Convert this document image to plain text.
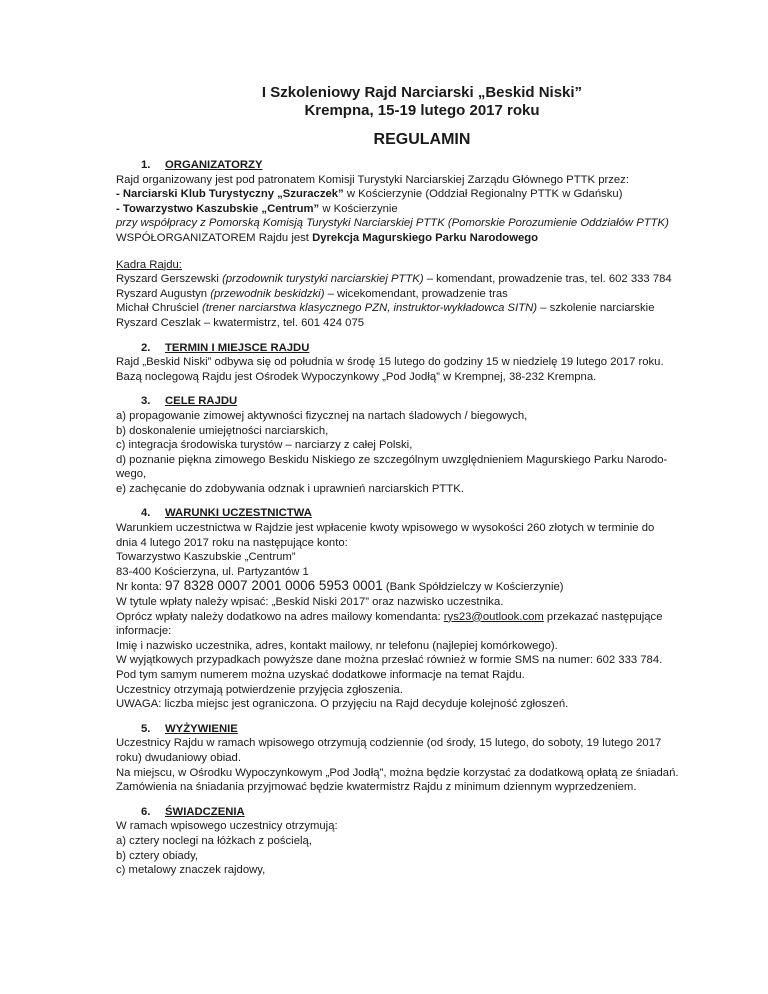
I Szkoleniowy Rajd Narciarski „Beskid Niski”
Krempna, 15-19 lutego 2017 roku
REGULAMIN
1. ORGANIZATORZY
Rajd organizowany jest pod patronatem Komisji Turystyki Narciarskiej Zarządu Głównego PTTK przez:
- Narciarski Klub Turystyczny „Szuraczek” w Kościerzynie (Oddział Regionalny PTTK w Gdańsku)
- Towarzystwo Kaszubskie „Centrum” w Kościerzynie
przy współpracy z Pomorską Komisją Turystyki Narciarskiej PTTK (Pomorskie Porozumienie Oddziałów PTTK)
WSPÓŁORGANIZATOREM Rajdu jest Dyrekcja Magurskiego Parku Narodowego
Kadra Rajdu:
Ryszard Gerszewski (przodownik turystyki narciarskiej PTTK) – komendant, prowadzenie tras, tel. 602 333 784
Ryszard Augustyn (przewodnik beskidzki) – wicekomendant, prowadzenie tras
Michał Chruściel (trener narciarstwa klasycznego PZN, instruktor-wykładowca SITN) – szkolenie narciarskie
Ryszard Ceszlak – kwatermistrz, tel. 601 424 075
2. TERMIN I MIEJSCE RAJDU
Rajd „Beskid Niski” odbywa się od południa w środę 15 lutego do godziny 15 w niedzielę 19 lutego 2017 roku.
Bazą noclegową Rajdu jest Ośrodek Wypoczynkowy „Pod Jodłą” w Krempnej, 38-232 Krempna.
3. CELE RAJDU
a) propagowanie zimowej aktywności fizycznej na nartach śladowych / biegowych,
b) doskonalenie umiejętności narciarskich,
c) integracja środowiska turystów – narciarzy z całej Polski,
d) poznanie piękna zimowego Beskidu Niskiego ze szczególnym uwzględnieniem Magurskiego Parku Narodo-
wego,
e) zachęcanie do zdobywania odznak i uprawnień narciarskich PTTK.
4. WARUNKI UCZESTNICTWA
Warunkiem uczestnictwa w Rajdzie jest wpłacenie kwoty wpisowego w wysokości 260 złotych w terminie do
dnia 4 lutego 2017 roku na następujące konto:
Towarzystwo Kaszubskie „Centrum”
83-400 Kościerzyna, ul. Partyzantów 1
Nr konta: 97 8328 0007 2001 0006 5953 0001 (Bank Spółdzielczy w Kościerzynie)
W tytule wpłaty należy wpisać: „Beskid Niski 2017” oraz nazwisko uczestnika.
Oprócz wpłaty należy dodatkowo na adres mailowy komendanta: rys23@outlook.com przekazać następujące
informacje:
Imię i nazwisko uczestnika, adres, kontakt mailowy, nr telefonu (najlepiej komórkowego).
W wyjątkowych przypadkach powyższe dane można przesłać również w formie SMS na numer: 602 333 784.
Pod tym samym numerem można uzyskać dodatkowe informacje na temat Rajdu.
Uczestnicy otrzymają potwierdzenie przyjęcia zgłoszenia.
UWAGA: liczba miejsc jest ograniczona. O przyjęciu na Rajd decyduje kolejność zgłoszeń.
5. WYŻYWIENIE
Uczestnicy Rajdu w ramach wpisowego otrzymują codziennie (od środy, 15 lutego, do soboty, 19 lutego 2017
roku) dwudaniowy obiad.
Na miejscu, w Ośrodku Wypoczynkowym „Pod Jodłą”, można będzie korzystać za dodatkową opłatą ze śniadań.
Zamówienia na śniadania przyjmować będzie kwatermistrz Rajdu z minimum dziennym wyprzedzeniem.
6. ŚWIADCZENIA
W ramach wpisowego uczestnicy otrzymują:
a) cztery noclegi na łóżkach z pościelą,
b) cztery obiady,
c) metalowy znaczek rajdowy,
